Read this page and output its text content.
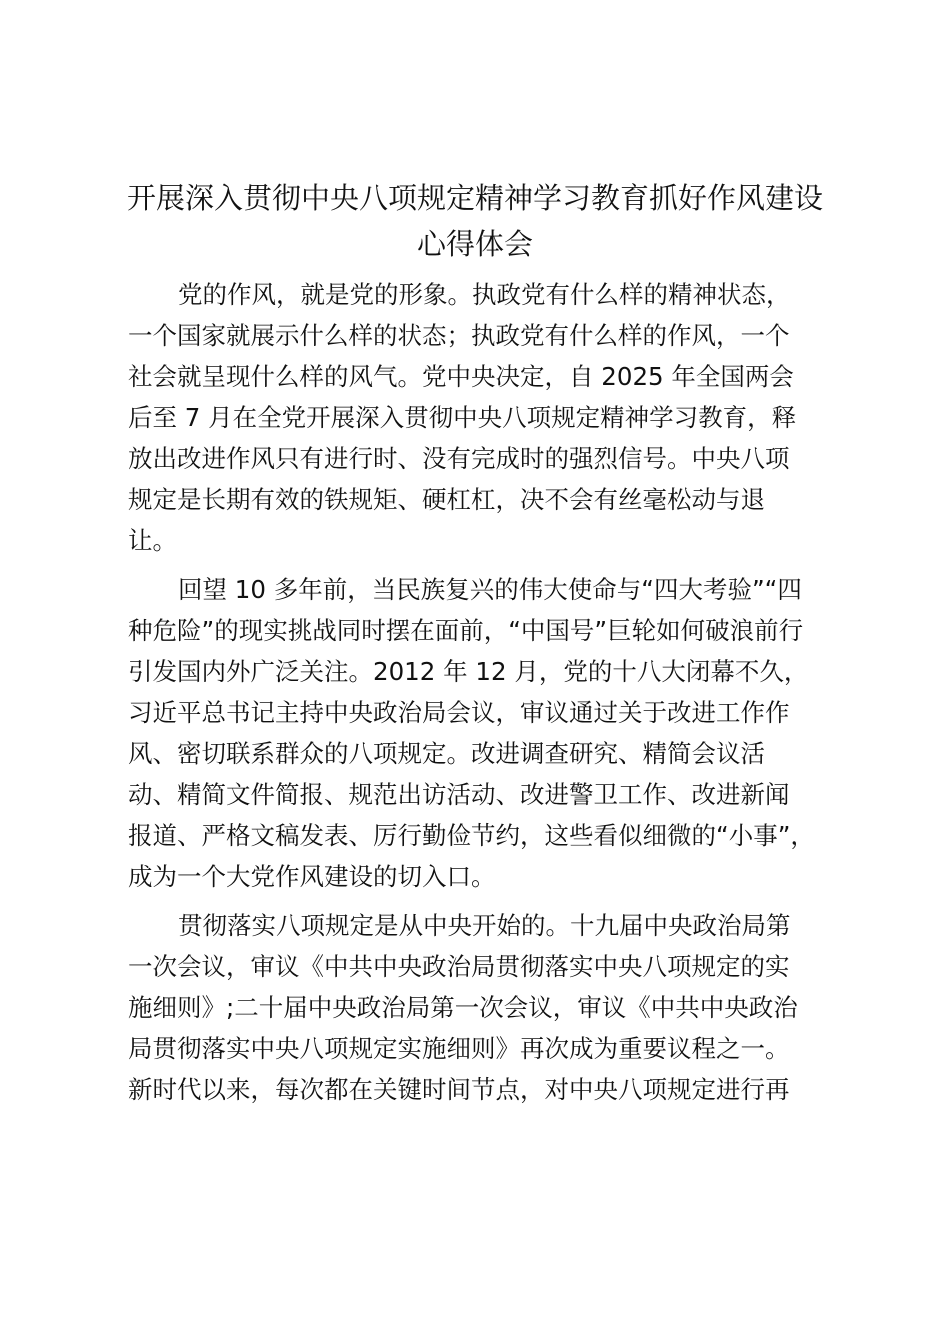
开展深入贯彻中央八项规定精神学习教育抓好作风建设
心得体会
党的作风，就是党的形象。执政党有什么样的精神状态，
一个国家就展示什么样的状态；执政党有什么样的作风，一个
社会就呈现什么样的风气。党中央决定，自 2025 年全国两会
后至 7 月在全党开展深入贯彻中央八项规定精神学习教育，释
放出改进作风只有进行时、没有完成时的强烈信号。中央八项
规定是长期有效的铁规矩、硬杠杠，决不会有丝毫松动与退
让。
回望 10 多年前，当民族复兴的伟大使命与“四大考验”“四
种危险”的现实挑战同时摆在面前，“中国号”巨轮如何破浪前行
引发国内外广泛关注。2012 年 12 月，党的十八大闭幕不久，
习近平总书记主持中央政治局会议，审议通过关于改进工作作
风、密切联系群众的八项规定。改进调查研究、精简会议活
动、精简文件简报、规范出访活动、改进警卫工作、改进新闻
报道、严格文稿发表、厉行勤俭节约，这些看似细微的“小事”，
成为一个大党作风建设的切入口。
贯彻落实八项规定是从中央开始的。十九届中央政治局第
一次会议，审议《中共中央政治局贯彻落实中央八项规定的实
施细则》;二十届中央政治局第一次会议，审议《中共中央政治
局贯彻落实中央八项规定实施细则》再次成为重要议程之一。
新时代以来，每次都在关键时间节点，对中央八项规定进行再
